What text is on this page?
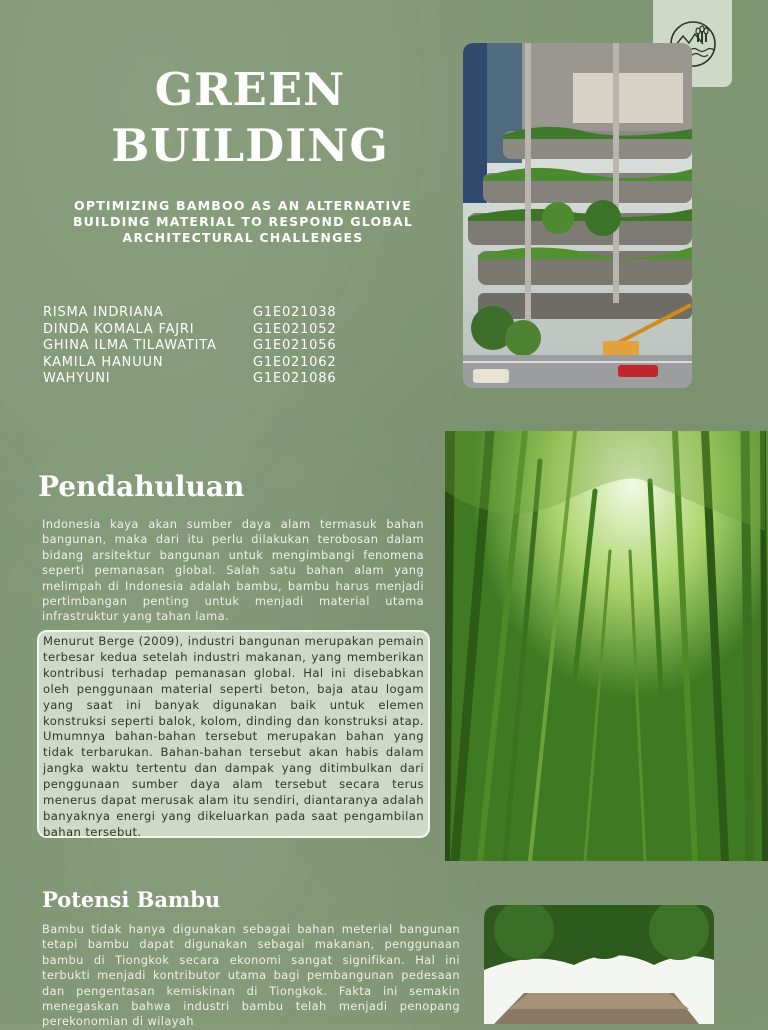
GREEN BUILDING
OPTIMIZING BAMBOO AS AN ALTERNATIVE BUILDING MATERIAL TO RESPOND GLOBAL ARCHITECTURAL CHALLENGES
RISMA INDRIANA	G1E021038
DINDA KOMALA FAJRI	G1E021052
GHINA ILMA TILAWATITA	G1E021056
KAMILA HANUUN	G1E021062
WAHYUNI	G1E021086
Pendahuluan
Indonesia kaya akan sumber daya alam termasuk bahan bangunan, maka dari itu perlu dilakukan terobosan dalam bidang arsitektur bangunan untuk mengimbangi fenomena seperti pemanasan global. Salah satu bahan alam yang melimpah di Indonesia adalah bambu, bambu harus menjadi pertimbangan penting untuk menjadi material utama infrastruktur yang tahan lama.
Menurut Berge (2009), industri bangunan merupakan pemain terbesar kedua setelah industri makanan, yang memberikan kontribusi terhadap pemanasan global. Hal ini disebabkan oleh penggunaan material seperti beton, baja atau logam yang saat ini banyak digunakan baik untuk elemen konstruksi seperti balok, kolom, dinding dan konstruksi atap. Umumnya bahan-bahan tersebut merupakan bahan yang tidak terbarukan. Bahan-bahan tersebut akan habis dalam jangka waktu tertentu dan dampak yang ditimbulkan dari penggunaan sumber daya alam tersebut secara terus menerus dapat merusak alam itu sendiri, diantaranya adalah banyaknya energi yang dikeluarkan pada saat pengambilan bahan tersebut.
Potensi Bambu
Bambu tidak hanya digunakan sebagai bahan meterial bangunan tetapi bambu dapat digunakan sebagai makanan, penggunaan bambu di Tiongkok secara ekonomi sangat signifikan. Hal ini terbukti menjadi kontributor utama bagi pembangunan pedesaan dan pengentasan kemiskinan di Tiongkok. Fakta ini semakin menegaskan bahwa industri bambu telah menjadi penopang perekonomian di wilayah
